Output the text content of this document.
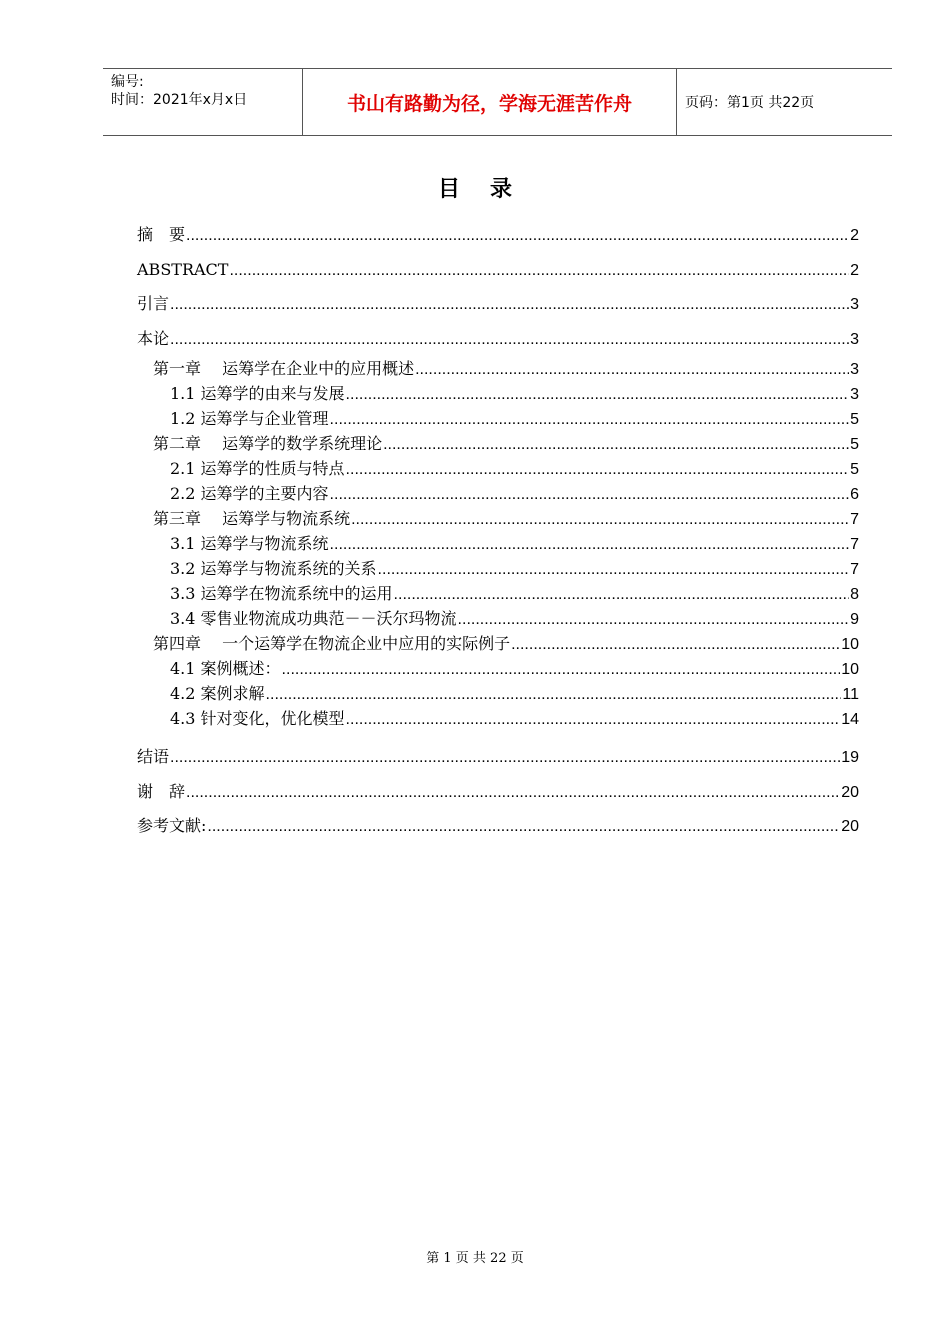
编号:
时间：2021年x月x日	书山有路勤为径，学海无涯苦作舟	页码：第1页 共22页
目录
摘　要 .....	2
ABSTRACT .....	2
引言 .....	3
本论 .....	3
第一章　 运筹学在企业中的应用概述 .....	3
1.1 运筹学的由来与发展 .....	3
1.2 运筹学与企业管理 .....	5
第二章　 运筹学的数学系统理论 .....	5
2.1 运筹学的性质与特点 .....	5
2.2 运筹学的主要内容 .....	6
第三章　 运筹学与物流系统 .....	7
3.1 运筹学与物流系统 .....	7
3.2 运筹学与物流系统的关系 .....	7
3.3 运筹学在物流系统中的运用 .....	8
3.4 零售业物流成功典范－－沃尔玛物流 .....	9
第四章　 一个运筹学在物流企业中应用的实际例子 .....	10
4.1 案例概述： .....	10
4.2 案例求解 .....	11
4.3 针对变化，优化模型 .....	14
结语 .....	19
谢　辞 .....	20
参考文献: .....	20
第 1 页 共 22 页
